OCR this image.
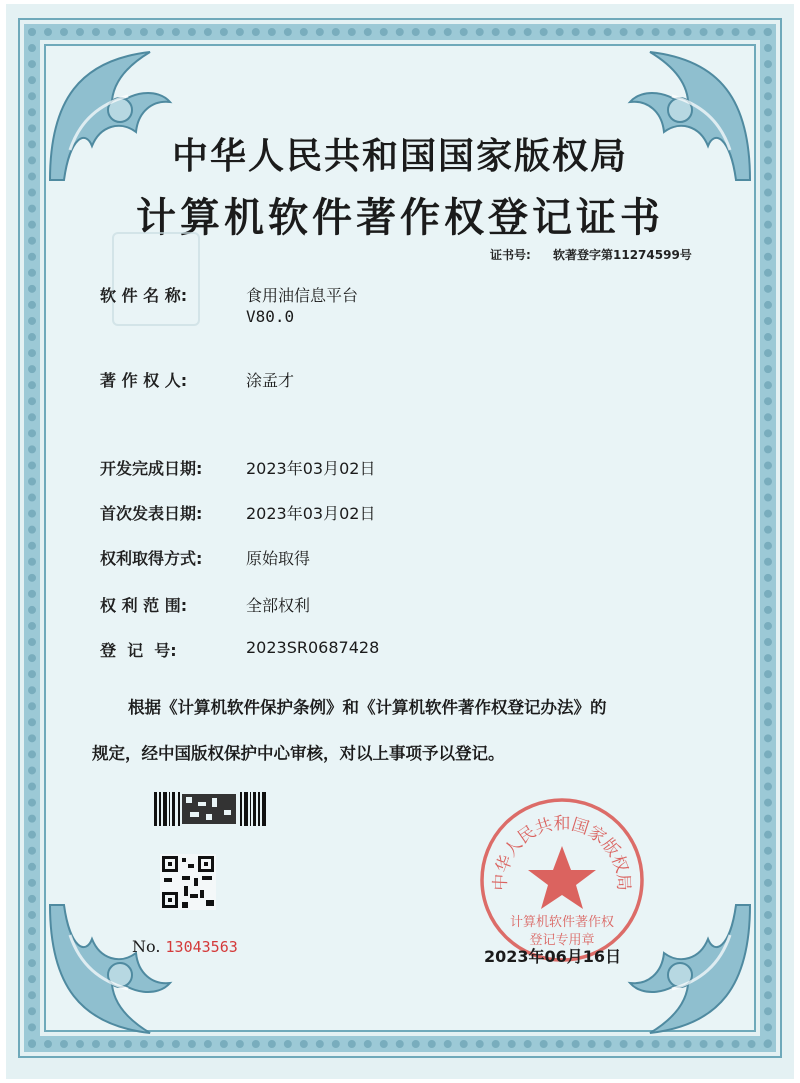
中华人民共和国国家版权局
计算机软件著作权登记证书
证书号: 软著登字第11274599号
软 件 名 称:	食用油信息平台
V80.0
著 作 权 人:	涂孟才
开发完成日期:	2023年03月02日
首次发表日期:	2023年03月02日
权利取得方式:	原始取得
权 利 范 围:	全部权利
登  记  号:	2023SR0687428
根据《计算机软件保护条例》和《计算机软件著作权登记办法》的
规定，经中国版权保护中心审核，对以上事项予以登记。
No. 13043563
中华人民共和国家版权局
计算机软件著作权
登记专用章
2023年06月16日
